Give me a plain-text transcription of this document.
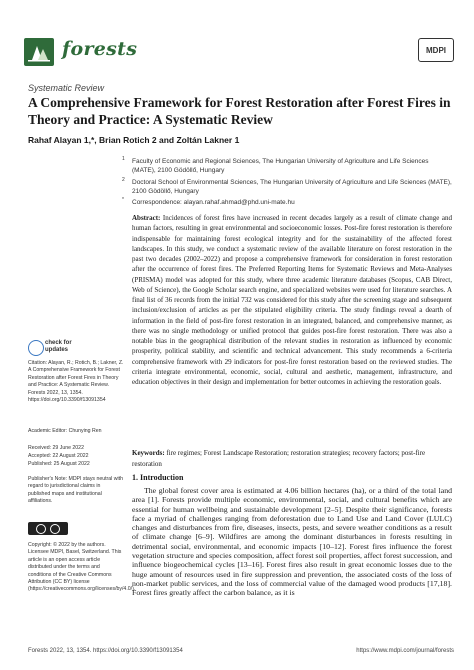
forests	MDPI
Systematic Review
A Comprehensive Framework for Forest Restoration after Forest Fires in Theory and Practice: A Systematic Review
Rahaf Alayan 1,*, Brian Rotich 2 and Zoltán Lakner 1
1 Faculty of Economic and Regional Sciences, The Hungarian University of Agriculture and Life Sciences (MATE), 2100 Gödöllő, Hungary
2 Doctoral School of Environmental Sciences, The Hungarian University of Agriculture and Life Sciences (MATE), 2100 Gödöllő, Hungary
* Correspondence: alayan.rahaf.ahmad@phd.uni-mate.hu
Abstract: Incidences of forest fires have increased in recent decades largely as a result of climate change and human factors, resulting in great environmental and socioeconomic losses. Post-fire forest restoration is therefore indispensable for maintaining forest ecological integrity and for the sustainability of the affected forest landscapes. In this study, we conduct a systematic review of the available literature on forest restoration in the past two decades (2002–2022) and propose a comprehensive framework for consideration in forest restoration after the occurrence of forest fires. The Preferred Reporting Items for Systematic Reviews and Meta-Analyses (PRISMA) model was adopted for this study, where three academic literature databases (Scopus, CAB Direct, Web of Science), the Google Scholar search engine, and specialized websites were used for literature searches. A final list of 36 records from the initial 732 was considered for this study after the screening stage and subsequent inclusion/exclusion of articles as per the stipulated eligibility criteria. The study findings reveal a dearth of information in the field of post-fire forest restoration in an integrated, balanced, and comprehensive manner, as there was no single methodology or unified protocol that guides post-fire forest restoration. There was also a notable bias in the geographical distribution of the relevant studies in restoration as influenced by economic prosperity, political stability, and scientific and technical advancement. This study recommends a 6-criteria comprehensive framework with 29 indicators for post-fire forest restoration based on the reviewed studies. The criteria integrate environmental, economic, social, cultural and aesthetic, management, infrastructure, and education objectives in their design and implementation for better outcomes in achieving the restoration goals.
Keywords: fire regimes; Forest Landscape Restoration; restoration strategies; recovery factors; post-fire restoration
check for updates
Citation: Alayan, R.; Rotich, B.; Lakner, Z. A Comprehensive Framework for Forest Restoration after Forest Fires in Theory and Practice: A Systematic Review. Forests 2022, 13, 1354. https://doi.org/10.3390/f13091354
Academic Editor: Chunying Ren
Received: 29 June 2022
Accepted: 22 August 2022
Published: 25 August 2022
Publisher's Note: MDPI stays neutral with regard to jurisdictional claims in published maps and institutional affiliations.
Copyright: © 2022 by the authors. Licensee MDPI, Basel, Switzerland. This article is an open access article distributed under the terms and conditions of the Creative Commons Attribution (CC BY) license (https://creativecommons.org/licenses/by/4.0/).
1. Introduction
The global forest cover area is estimated at 4.06 billion hectares (ha), or a third of the total land area [1]. Forests provide multiple economic, environmental, social, and cultural benefits which are essential for human wellbeing and sustainable development [2–5]. Despite their significance, forests face a myriad of challenges ranging from deforestation due to Land Use and Land Cover (LULC) changes and disturbances from fire, diseases, insects, pests, and severe weather conditions as a result of climate change [6–9]. Wildfires are among the dominant disturbances in forests resulting in detrimental social, environmental, and economic impacts [10–12]. Forest fires influence the forest vegetation structure and species composition, affect forest soil properties, affect forest succession, and influence biogeochemical cycles [13–16]. Forest fires also result in great economic losses due to the huge amount of resources used in fire suppression and prevention, the associated costs of the loss of non-market public services, and the loss of commercial value of the damaged wood products [17,18]. Forest fires greatly affect the carbon balance, as it is
Forests 2022, 13, 1354. https://doi.org/10.3390/f13091354	https://www.mdpi.com/journal/forests
